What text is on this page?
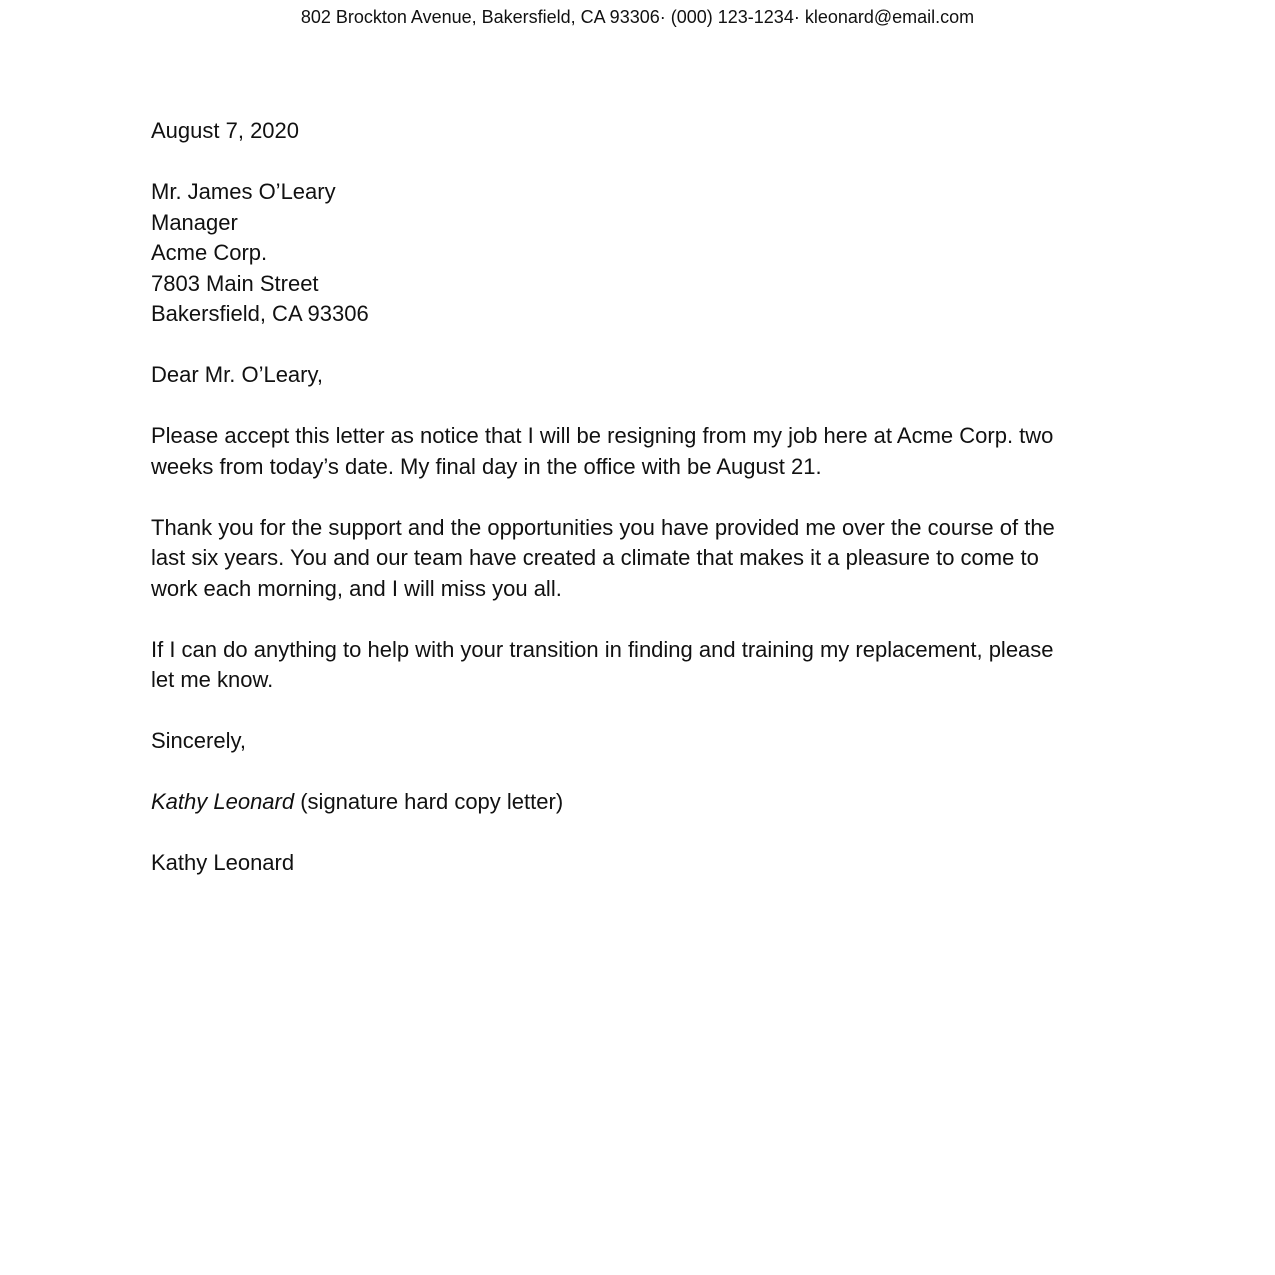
802 Brockton Avenue, Bakersfield, CA 93306· (000) 123-1234· kleonard@email.com
August 7, 2020
Mr. James O’Leary
Manager
Acme Corp.
7803 Main Street
Bakersfield, CA 93306
Dear Mr. O’Leary,
Please accept this letter as notice that I will be resigning from my job here at Acme Corp. two
weeks from today’s date. My final day in the office with be August 21.
Thank you for the support and the opportunities you have provided me over the course of the
last six years. You and our team have created a climate that makes it a pleasure to come to
work each morning, and I will miss you all.
If I can do anything to help with your transition in finding and training my replacement, please
let me know.
Sincerely,
Kathy Leonard (signature hard copy letter)
Kathy Leonard
